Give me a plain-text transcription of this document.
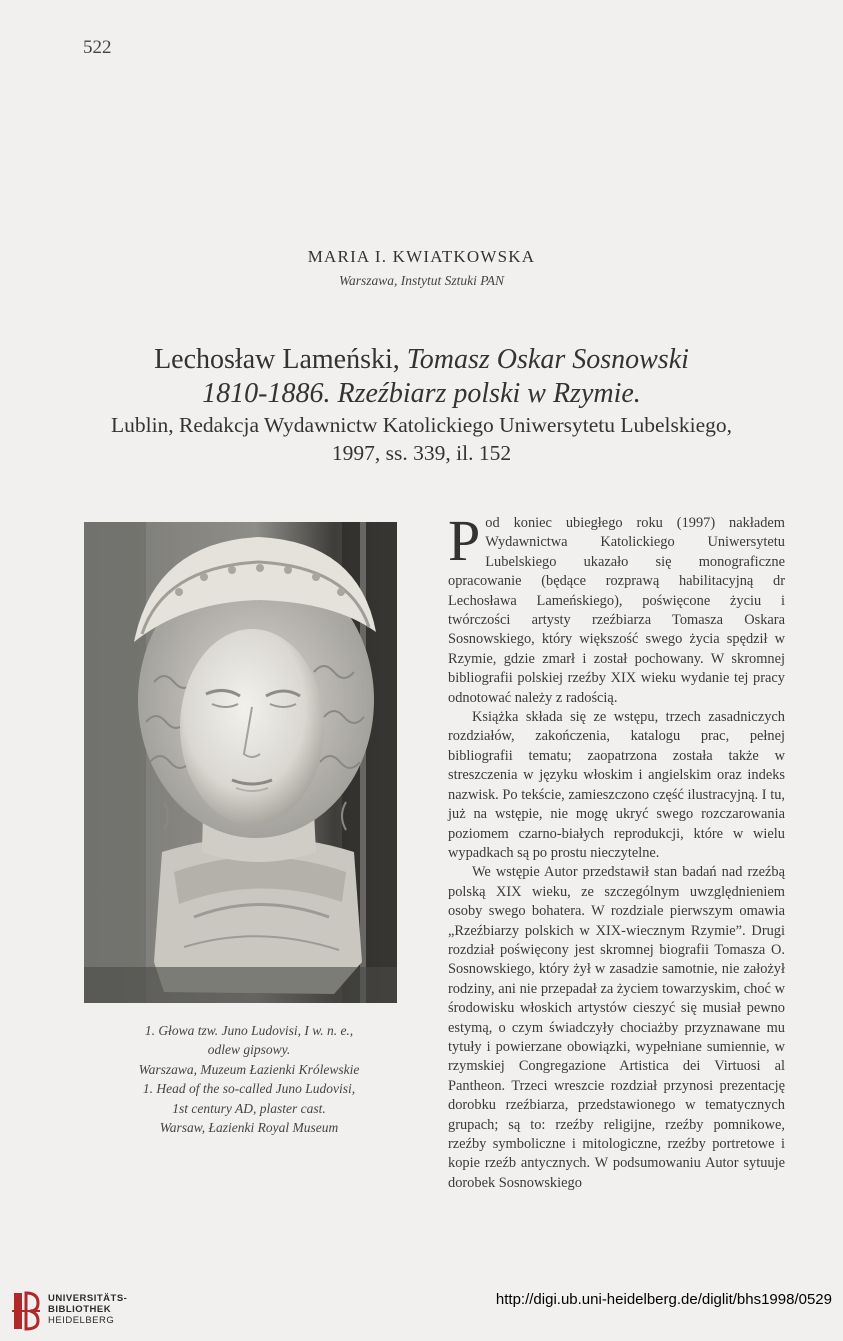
522
MARIA I. KWIATKOWSKA
Warszawa, Instytut Sztuki PAN
Lechosław Lameński, Tomasz Oskar Sosnowski
1810-1886. Rzeźbiarz polski w Rzymie.
Lublin, Redakcja Wydawnictw Katolickiego Uniwersytetu Lubelskiego,
1997, ss. 339, il. 152
1. Głowa tzw. Juno Ludovisi, I w. n. e.,
odlew gipsowy.
Warszawa, Muzeum Łazienki Królewskie
1. Head of the so-called Juno Ludovisi,
1st century AD, plaster cast.
Warsaw, Łazienki Royal Museum

Pod koniec ubiegłego roku (1997) nakładem Wydawnictwa Katolickiego Uniwersytetu Lubelskiego ukazało się monograficzne opracowanie (będące rozprawą habilitacyjną dr Lechosława Lameńskiego), poświęcone życiu i twórczości artysty rzeźbiarza Tomasza Oskara Sosnowskiego, który większość swego życia spędził w Rzymie, gdzie zmarł i został pochowany. W skromnej bibliografii polskiej rzeźby XIX wieku wydanie tej pracy odnotować należy z radością.

Książka składa się ze wstępu, trzech zasadniczych rozdziałów, zakończenia, katalogu prac, pełnej bibliografii tematu; zaopatrzona została także w streszczenia w języku włoskim i angielskim oraz indeks nazwisk. Po tekście, zamieszczono część ilustracyjną. I tu, już na wstępie, nie mogę ukryć swego rozczarowania poziomem czarno-białych reprodukcji, które w wielu wypadkach są po prostu nieczytelne.

We wstępie Autor przedstawił stan badań nad rzeźbą polską XIX wieku, ze szczególnym uwzględnieniem osoby swego bohatera. W rozdziale pierwszym omawia „Rzeźbiarzy polskich w XIX-wiecznym Rzymie”. Drugi rozdział poświęcony jest skromnej biografii Tomasza O. Sosnowskiego, który żył w zasadzie samotnie, nie założył rodziny, ani nie przepadał za życiem towarzyskim, choć w środowisku włoskich artystów cieszyć się musiał pewno estymą, o czym świadczyły chociażby przyznawane mu tytuły i powierzane obowiązki, wypełniane sumiennie, w rzymskiej Congregazione Artistica dei Virtuosi al Pantheon. Trzeci wreszcie rozdział przynosi prezentację dorobku rzeźbiarza, przedstawionego w tematycznych grupach; są to: rzeźby religijne, rzeźby pomnikowe, rzeźby symboliczne i mitologiczne, rzeźby portretowe i kopie rzeźb antycznych. W podsumowaniu Autor sytuuje dorobek Sosnowskiego

UNIVERSITÄTS-
BIBLIOTHEK
HEIDELBERG
http://digi.ub.uni-heidelberg.de/diglit/bhs1998/0529
